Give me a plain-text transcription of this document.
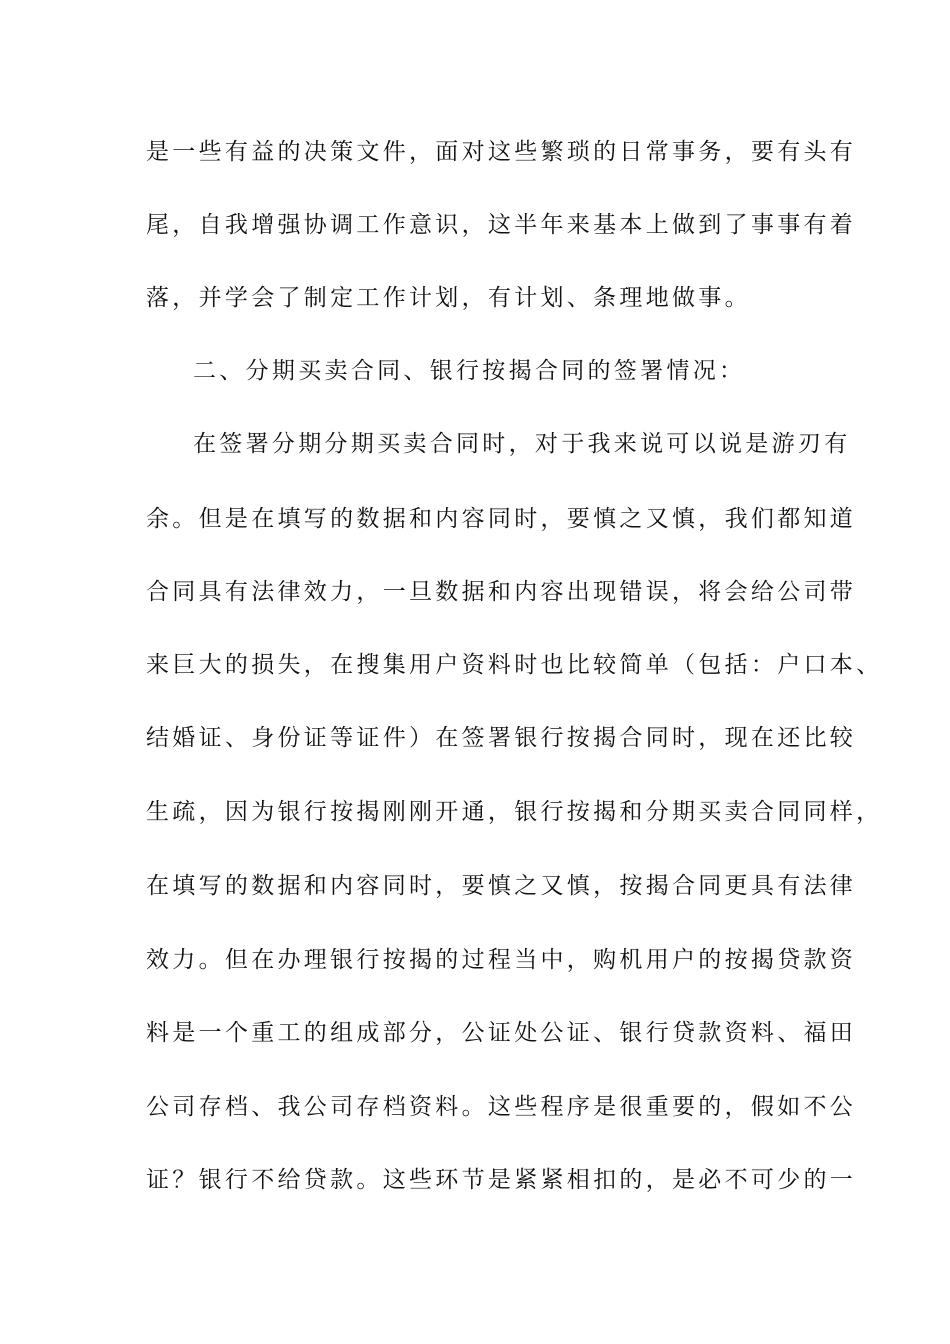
是一些有益的决策文件，面对这些繁琐的日常事务，要有头有
尾，自我增强协调工作意识，这半年来基本上做到了事事有着
落，并学会了制定工作计划，有计划、条理地做事。
二、分期买卖合同、银行按揭合同的签署情况：
在签署分期分期买卖合同时，对于我来说可以说是游刃有
余。但是在填写的数据和内容同时，要慎之又慎，我们都知道
合同具有法律效力，一旦数据和内容出现错误，将会给公司带
来巨大的损失，在搜集用户资料时也比较简单（包括：户口本、
结婚证、身份证等证件）在签署银行按揭合同时，现在还比较
生疏，因为银行按揭刚刚开通，银行按揭和分期买卖合同同样，
在填写的数据和内容同时，要慎之又慎，按揭合同更具有法律
效力。但在办理银行按揭的过程当中，购机用户的按揭贷款资
料是一个重工的组成部分，公证处公证、银行贷款资料、福田
公司存档、我公司存档资料。这些程序是很重要的，假如不公
证？银行不给贷款。这些环节是紧紧相扣的，是必不可少的一
